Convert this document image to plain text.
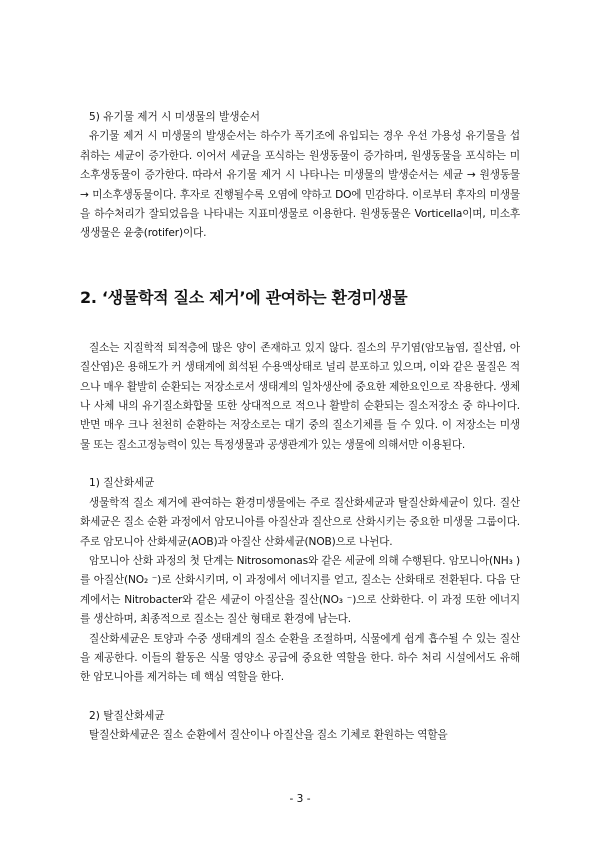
5) 유기물 제거 시 미생물의 발생순서

유기물 제거 시 미생물의 발생순서는 하수가 폭기조에 유입되는 경우 우선 가용성 유기물을 섭취하는 세균이 증가한다. 이어서 세균을 포식하는 원생동물이 증가하며, 원생동물을 포식하는 미소후생동물이 증가한다. 따라서 유기물 제거 시 나타나는 미생물의 발생순서는 세균 → 원생동물 → 미소후생동물이다. 후자로 진행될수록 오염에 약하고 DO에 민감하다. 이로부터 후자의 미생물을 하수처리가 잘되었음을 나타내는 지표미생물로 이용한다. 원생동물은 Vorticella이며, 미소후생생물은 윤충(rotifer)이다.

2. ‘생물학적 질소 제거’에 관여하는 환경미생물

질소는 지질학적 퇴적층에 많은 양이 존재하고 있지 않다. 질소의 무기염(암모늄염, 질산염, 아질산염)은 용해도가 커 생태계에 희석된 수용액상태로 널리 분포하고 있으며, 이와 같은 물질은 적으나 매우 활발히 순환되는 저장소로서 생태계의 일차생산에 중요한 제한요인으로 작용한다. 생체나 사체 내의 유기질소화합물 또한 상대적으로 적으나 활발히 순환되는 질소저장소 중 하나이다. 반면 매우 크나 천천히 순환하는 저장소로는 대기 중의 질소기체를 들 수 있다. 이 저장소는 미생물 또는 질소고정능력이 있는 특정생물과 공생관계가 있는 생물에 의해서만 이용된다.

1) 질산화세균

생물학적 질소 제거에 관여하는 환경미생물에는 주로 질산화세균과 탈질산화세균이 있다. 질산화세균은 질소 순환 과정에서 암모니아를 아질산과 질산으로 산화시키는 중요한 미생물 그룹이다. 주로 암모니아 산화세균(AOB)과 아질산 산화세균(NOB)으로 나뉜다.

암모니아 산화 과정의 첫 단계는 Nitrosomonas와 같은 세균에 의해 수행된다. 암모니아(NH₃ )를 아질산(NO₂ ⁻)로 산화시키며, 이 과정에서 에너지를 얻고, 질소는 산화태로 전환된다. 다음 단계에서는 Nitrobacter와 같은 세균이 아질산을 질산(NO₃ ⁻)으로 산화한다. 이 과정 또한 에너지를 생산하며, 최종적으로 질소는 질산 형태로 환경에 남는다.

질산화세균은 토양과 수중 생태계의 질소 순환을 조절하며, 식물에게 쉽게 흡수될 수 있는 질산을 제공한다. 이들의 활동은 식물 영양소 공급에 중요한 역할을 한다. 하수 처리 시설에서도 유해한 암모니아를 제거하는 데 핵심 역할을 한다.

2) 탈질산화세균

탈질산화세균은 질소 순환에서 질산이나 아질산을 질소 기체로 환원하는 역할을

- 3 -
